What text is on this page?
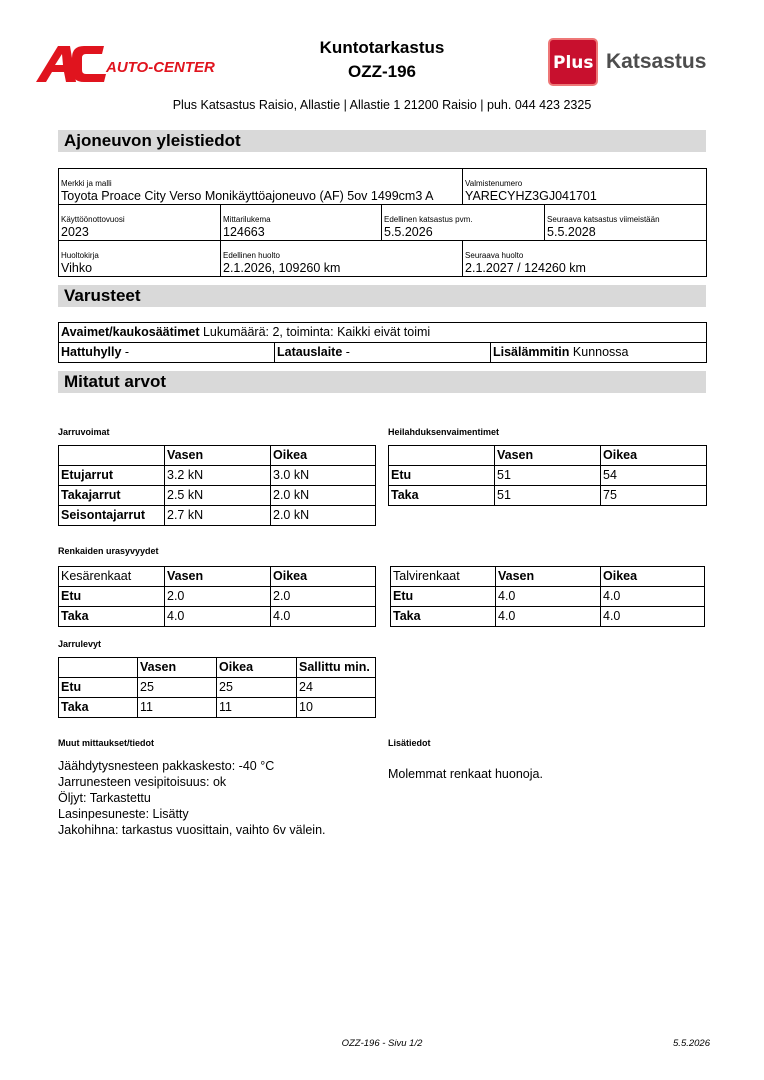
AUTO-CENTER
Kuntotarkastus
OZZ-196	Plus Katsastus
Plus Katsastus Raisio, Allastie | Allastie 1 21200 Raisio | puh. 044 423 2325
Ajoneuvon yleistiedot
Merkki ja malli
Toyota Proace City Verso Monikäyttöajoneuvo (AF) 5ov 1499cm3 A			Valmistenumero
YARECYHZ3GJ041701	

Käyttöönottovuosi
2023	Mittarilukema
124663	Edellinen katsastus pvm.
5.5.2026		Seuraava katsastus viimeistään
5.5.2028

Huoltokirja
Vihko	Edellinen huolto
2.1.2026, 109260 km		Seuraava huolto
2.1.2027 / 124260 km	
Varusteet
Avaimet/kaukosäätimet Lukumäärä: 2, toiminta: Kaikki eivät toimi
Hattuhylly -	Latauslaite -	Lisälämmitin Kunnossa
Mitatut arvot
Jarruvoimat
	Vasen	Oikea
Etujarrut	3.2 kN	3.0 kN
Takajarrut	2.5 kN	2.0 kN
Seisontajarrut	2.7 kN	2.0 kN
Heilahduksenvaimentimet
	Vasen	Oikea
Etu	51	54
Taka	51	75
Renkaiden urasyvyydet
Kesärenkaat	Vasen	Oikea
Etu	2.0	2.0
Taka	4.0	4.0
Talvirenkaat	Vasen	Oikea
Etu	4.0	4.0
Taka	4.0	4.0
Jarrulevyt
	Vasen	Oikea	Sallittu min.
Etu	25	25	24
Taka	11	11	10
Muut mittaukset/tiedot
Jäähdytysnesteen pakkaskesto: -40 °C
Jarrunesteen vesipitoisuus: ok
Öljyt: Tarkastettu
Lasinpesuneste: Lisätty
Jakohihna: tarkastus vuosittain, vaihto 6v välein.
Lisätiedot
Molemmat renkaat huonoja.
OZZ-196 - Sivu 1/2	5.5.2026
